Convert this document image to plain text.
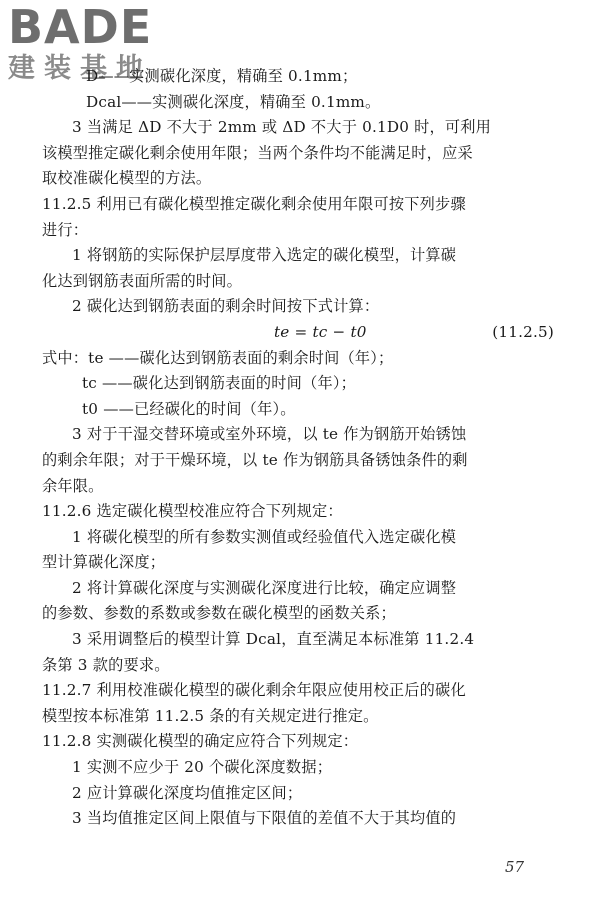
BADE
建装基地
D——实测碳化深度，精确至 0.1mm；
Dcal——实测碳化深度，精确至 0.1mm。
3 当满足 ΔD 不大于 2mm 或 ΔD 不大于 0.1D0 时，可利用
该模型推定碳化剩余使用年限；当两个条件均不能满足时，应采
取校准碳化模型的方法。
11.2.5 利用已有碳化模型推定碳化剩余使用年限可按下列步骤
进行：
1 将钢筋的实际保护层厚度带入选定的碳化模型，计算碳
化达到钢筋表面所需的时间。
2 碳化达到钢筋表面的剩余时间按下式计算：
te = tc − t0	(11.2.5)
式中：te ——碳化达到钢筋表面的剩余时间（年）；
tc ——碳化达到钢筋表面的时间（年）；
t0 ——已经碳化的时间（年）。
3 对于干湿交替环境或室外环境，以 te 作为钢筋开始锈蚀
的剩余年限；对于干燥环境，以 te 作为钢筋具备锈蚀条件的剩
余年限。
11.2.6 选定碳化模型校准应符合下列规定：
1 将碳化模型的所有参数实测值或经验值代入选定碳化模
型计算碳化深度；
2 将计算碳化深度与实测碳化深度进行比较，确定应调整
的参数、参数的系数或参数在碳化模型的函数关系；
3 采用调整后的模型计算 Dcal，直至满足本标准第 11.2.4
条第 3 款的要求。
11.2.7 利用校准碳化模型的碳化剩余年限应使用校正后的碳化
模型按本标准第 11.2.5 条的有关规定进行推定。
11.2.8 实测碳化模型的确定应符合下列规定：
1 实测不应少于 20 个碳化深度数据；
2 应计算碳化深度均值推定区间；
3 当均值推定区间上限值与下限值的差值不大于其均值的
57
